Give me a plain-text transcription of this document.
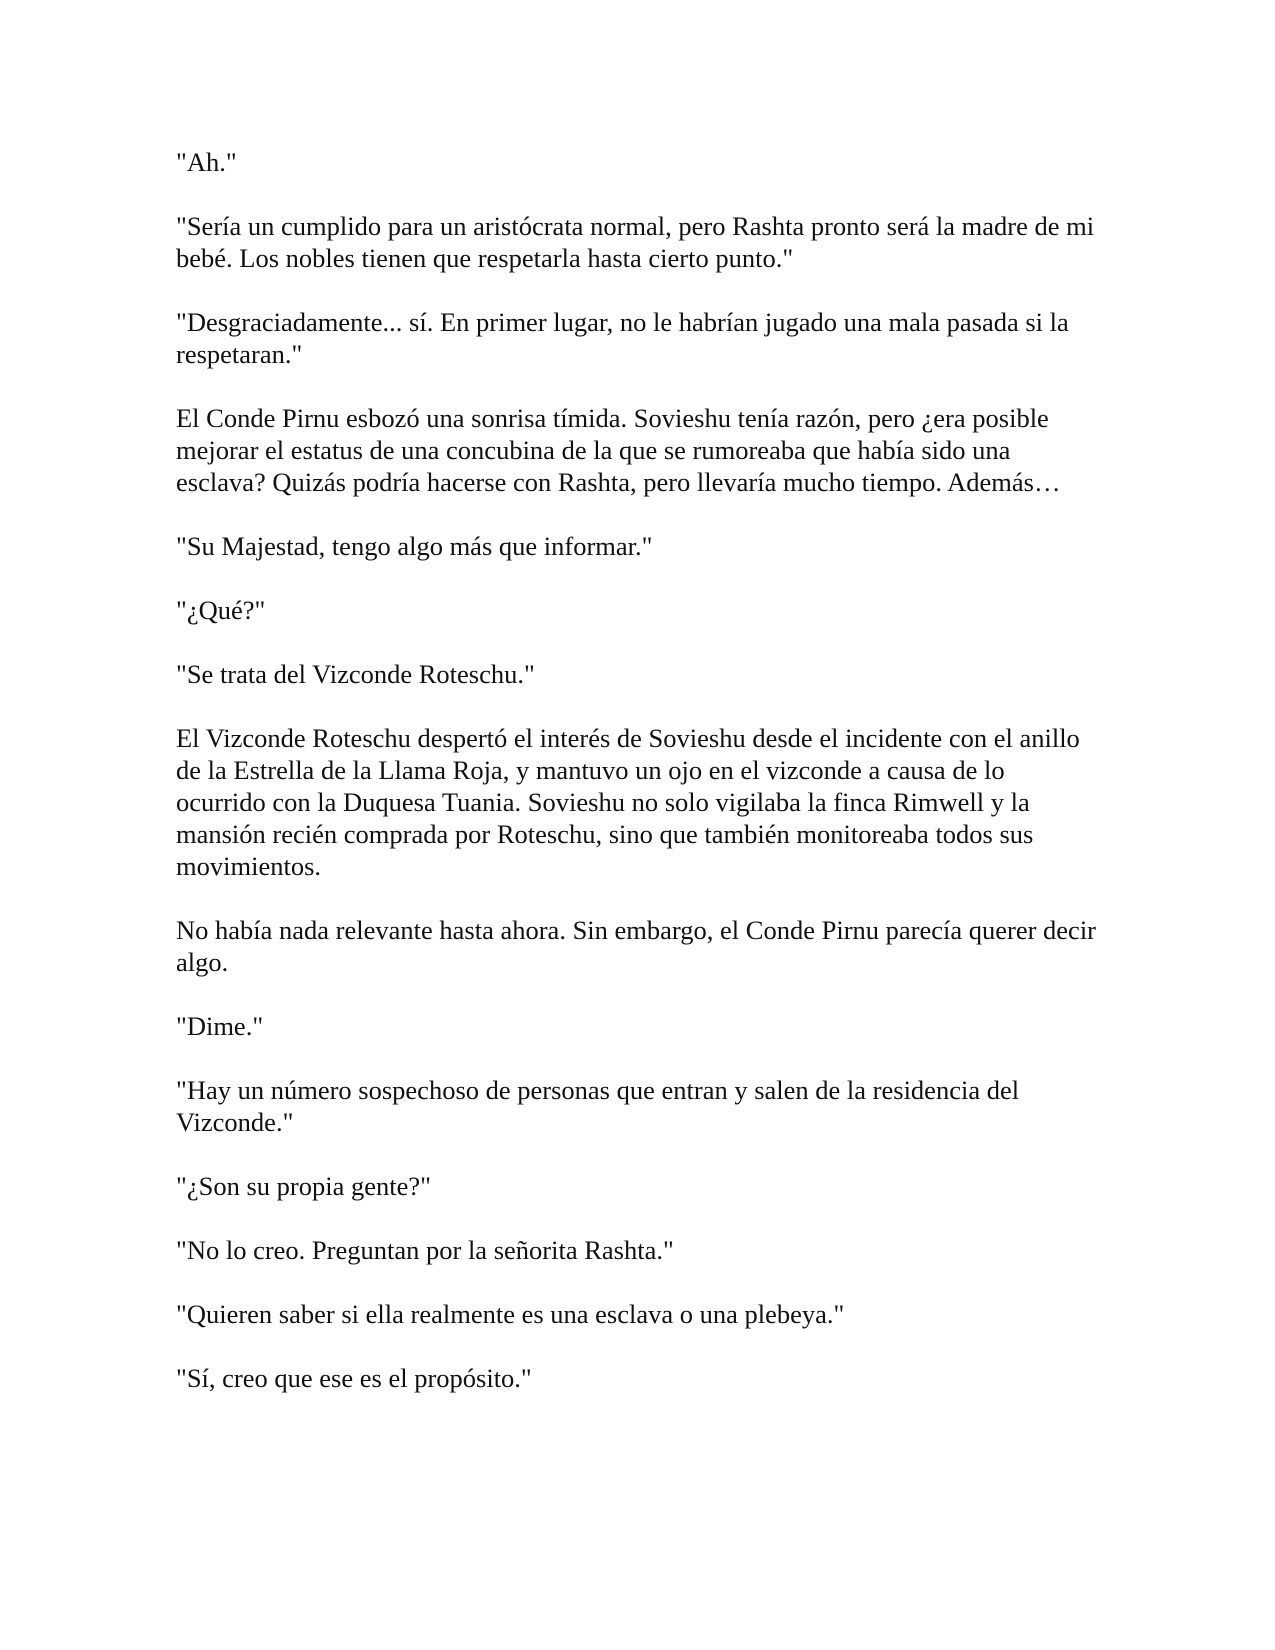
"Ah."

"Sería un cumplido para un aristócrata normal, pero Rashta pronto será la madre de mi bebé. Los nobles tienen que respetarla hasta cierto punto."

"Desgraciadamente... sí. En primer lugar, no le habrían jugado una mala pasada si la respetaran."

El Conde Pirnu esbozó una sonrisa tímida. Sovieshu tenía razón, pero ¿era posible mejorar el estatus de una concubina de la que se rumoreaba que había sido una esclava? Quizás podría hacerse con Rashta, pero llevaría mucho tiempo. Además…

"Su Majestad, tengo algo más que informar."

"¿Qué?"

"Se trata del Vizconde Roteschu."

El Vizconde Roteschu despertó el interés de Sovieshu desde el incidente con el anillo de la Estrella de la Llama Roja, y mantuvo un ojo en el vizconde a causa de lo ocurrido con la Duquesa Tuania. Sovieshu no solo vigilaba la finca Rimwell y la mansión recién comprada por Roteschu, sino que también monitoreaba todos sus movimientos.

No había nada relevante hasta ahora. Sin embargo, el Conde Pirnu parecía querer decir algo.

"Dime."

"Hay un número sospechoso de personas que entran y salen de la residencia del Vizconde."

"¿Son su propia gente?"

"No lo creo. Preguntan por la señorita Rashta."

"Quieren saber si ella realmente es una esclava o una plebeya."

"Sí, creo que ese es el propósito."
